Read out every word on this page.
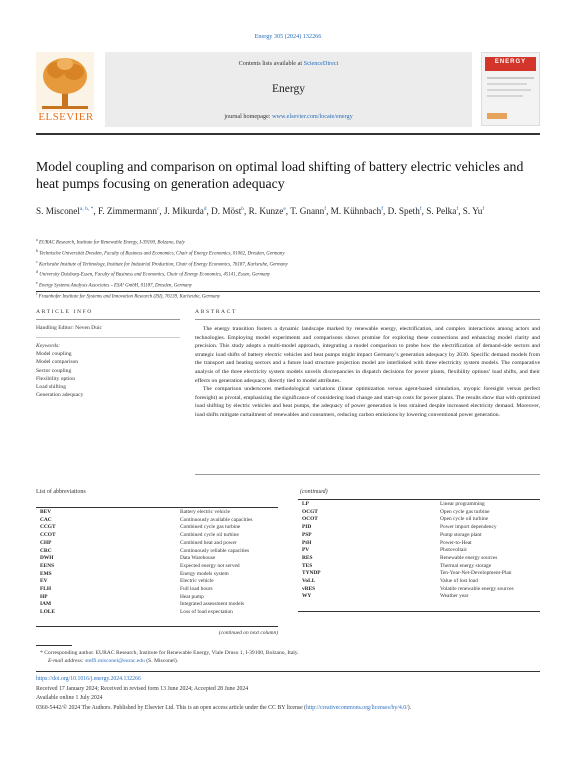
Energy 305 (2024) 132266
ELSEVIER
Contents lists available at ScienceDirect
Energy
journal homepage: www.elsevier.com/locate/energy
ENERGY
Model coupling and comparison on optimal load shifting of battery electric vehicles and heat pumps focusing on generation adequacy
S. Misconel$^{a, b, *}$, F. Zimmermann$^c$, J. Mikurda$^d$, D. Möst$^b$, R. Kunze$^e$, T. Gnann$^f$, M. Kühnbach$^f$, D. Speth$^f$, S. Pelka$^f$, S. Yu$^f$
$^a$ EURAC Research, Institute for Renewable Energy, I-39100, Bolzano, Italy
$^b$ Technische Universität Dresden, Faculty of Business and Economics, Chair of Energy Economics, 01062, Dresden, Germany
$^c$ Karlsruhe Institute of Technology, Institute for Industrial Production, Chair of Energy Economics, 76187, Karlsruhe, Germany
$^d$ University Duisburg-Essen, Faculty of Business and Economics, Chair of Energy Economics, 45141, Essen, Germany
$^e$ Energy Systems Analysis Associates – ESA² GmbH, 01187, Dresden, Germany
$^f$ Fraunhofer Institute for Systems and Innovation Research (ISI), 76139, Karlsruhe, Germany
ARTICLE INFO
Handling Editor: Neven Duic
Keywords:
Model coupling
Model comparison
Sector coupling
Flexibility option
Load shifting
Generation adequacy
ABSTRACT

The energy transition fosters a dynamic landscape marked by renewable energy, electrification, and complex interactions among actors and technologies. Employing model experiments and comparisons shows promise for exploring these connections and enhancing model clarity and precision. This study adopts a multi-model approach, integrating a model comparison to probe how the electrification of demand-side sectors and strategic load shifts of battery electric vehicles and heat pumps might impact Germany’s generation adequacy by 2030. Specific demand models from the transport and heating sectors and a future load structure projection model are interlinked with three electricity system models. The comparative analysis of the three electricity system models unveils discrepancies in dispatch decisions for power plants, flexibility options’ load shifts, and their effects on generation adequacy, directly tied to model attributes.

The comparison underscores methodological variations (linear optimization versus agent-based simulation, myopic foresight versus perfect foresight) as pivotal, emphasizing the significance of considering load change and start-up costs for power plants. The results show that with optimized load shifting by electric vehicles and heat pumps, the adequacy of power generation is less strained despite increased electricity demand. Moreover, load shifts mitigate curtailment of renewables and consumers, reducing carbon emissions by lowering conventional power generation.

List of abbreviations
BEV	Battery electric vehicle
CAC	Continuously available capacities
CCGT	Combined cycle gas turbine
CCOT	Combined cycle oil turbine
CHP	Combined heat and power
CRC	Continuously reliable capacities
DWH	Data Warehouse
EENS	Expected energy not served
EMS	Energy models system
EV	Electric vehicle
FLH	Full load hours
HP	Heat pump
IAM	Integrated assessment models
LOLE	Loss of load expectation
(continued on next column)
(continued)
LP	Linear programming
OCGT	Open cycle gas turbine
OCOT	Open cycle oil turbine
PID	Power import dependency
PSP	Pump storage plant
PtH	Power-to-Heat
PV	Photovoltaic
RES	Renewable energy sources
TES	Thermal energy storage
TYNDP	Ten-Year-Net-Development-Plan
VoLL	Value of lost load
vRES	Volatile renewable energy sources
WY	Weather year
* Corresponding author. EURAC Research, Institute for Renewable Energy, Viale Druso 1, I-39100, Bolzano, Italy.
E-mail address: steffi.misconel@eurac.edu (S. Misconel).
https://doi.org/10.1016/j.energy.2024.132266
Received 17 January 2024; Received in revised form 13 June 2024; Accepted 28 June 2024
Available online 1 July 2024
0360-5442/© 2024 The Authors. Published by Elsevier Ltd. This is an open access article under the CC BY license (http://creativecommons.org/licenses/by/4.0/).
